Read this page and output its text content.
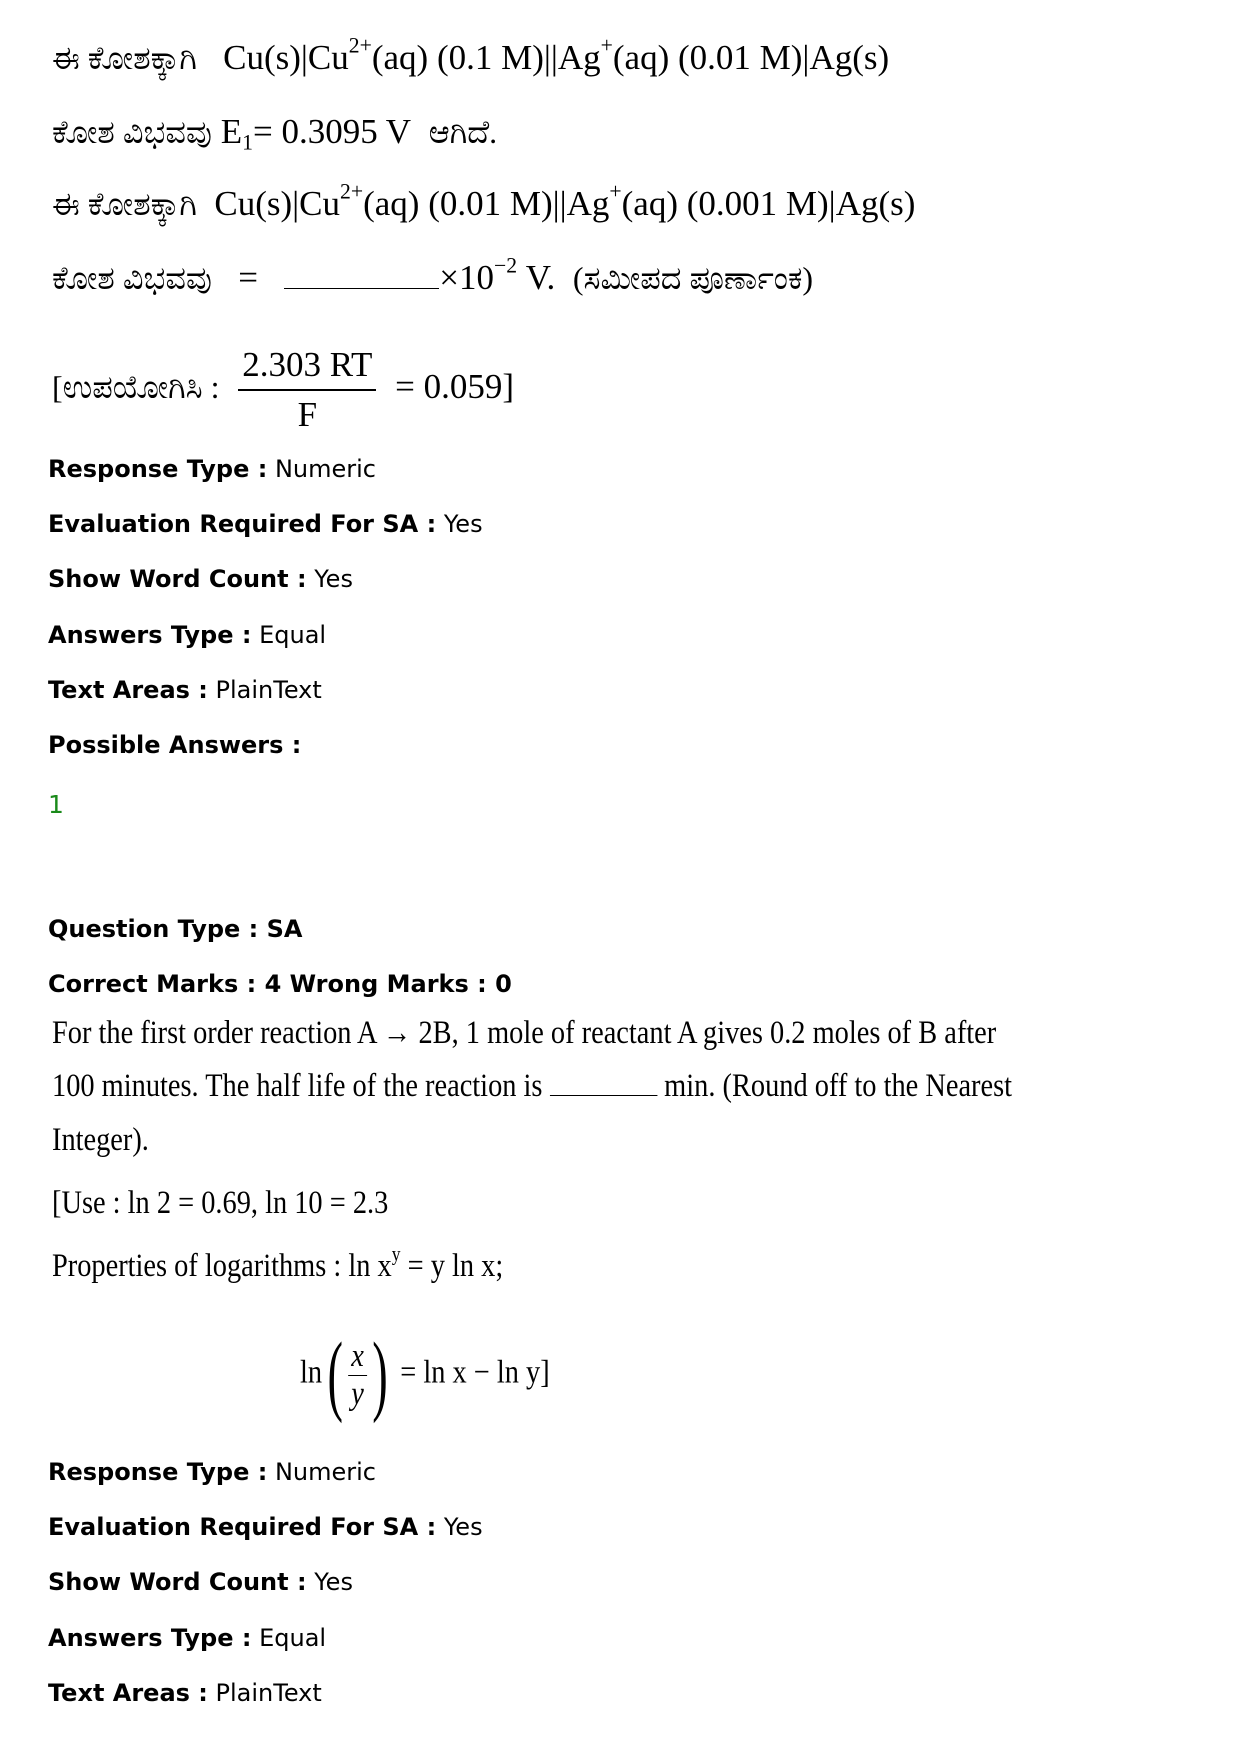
ಈ ಕೋಶಕ್ಕಾಗಿ $Cu(s)|Cu^{2+}(aq)$ (0.1 M)||Ag+(aq) (0.01 M)|Ag(s)
ಕೋಶ ವಿಭವವು $E_1= 0.3095$ V ಆಗಿದೆ.
ಈ ಕೋಶಕ್ಕಾಗಿ $Cu(s)|Cu^{2+}(aq)$ (0.01 M)||Ag+(aq) (0.001 M)|Ag(s)
ಕೋಶ ವಿಭವವು =	$\times 10^{-2}$ V. (ಸಮೀಪದ ಪೂರ್ಣಾಂಕ)
[ಉಪಯೋಗಿಸಿ : $\frac{2.303 RT}{F} = 0.059$]
Response Type : Numeric
Evaluation Required For SA : Yes
Show Word Count : Yes
Answers Type : Equal
Text Areas : PlainText
Possible Answers :
1
Question Type : SA
Correct Marks : 4 Wrong Marks : 0
For the first order reaction A → 2B, 1 mole of reactant A gives 0.2 moles of B after
100 minutes. The half life of the reaction is	min. (Round off to the Nearest
Integer).
[Use : ln 2 = 0.69, ln 10 = 2.3
Properties of logarithms : $\ln x^y = y$ ln x;
$\ln( \frac{x}{y}$ ) = ln x − ln y]
Response Type : Numeric
Evaluation Required For SA : Yes
Show Word Count : Yes
Answers Type : Equal
Text Areas : PlainText
